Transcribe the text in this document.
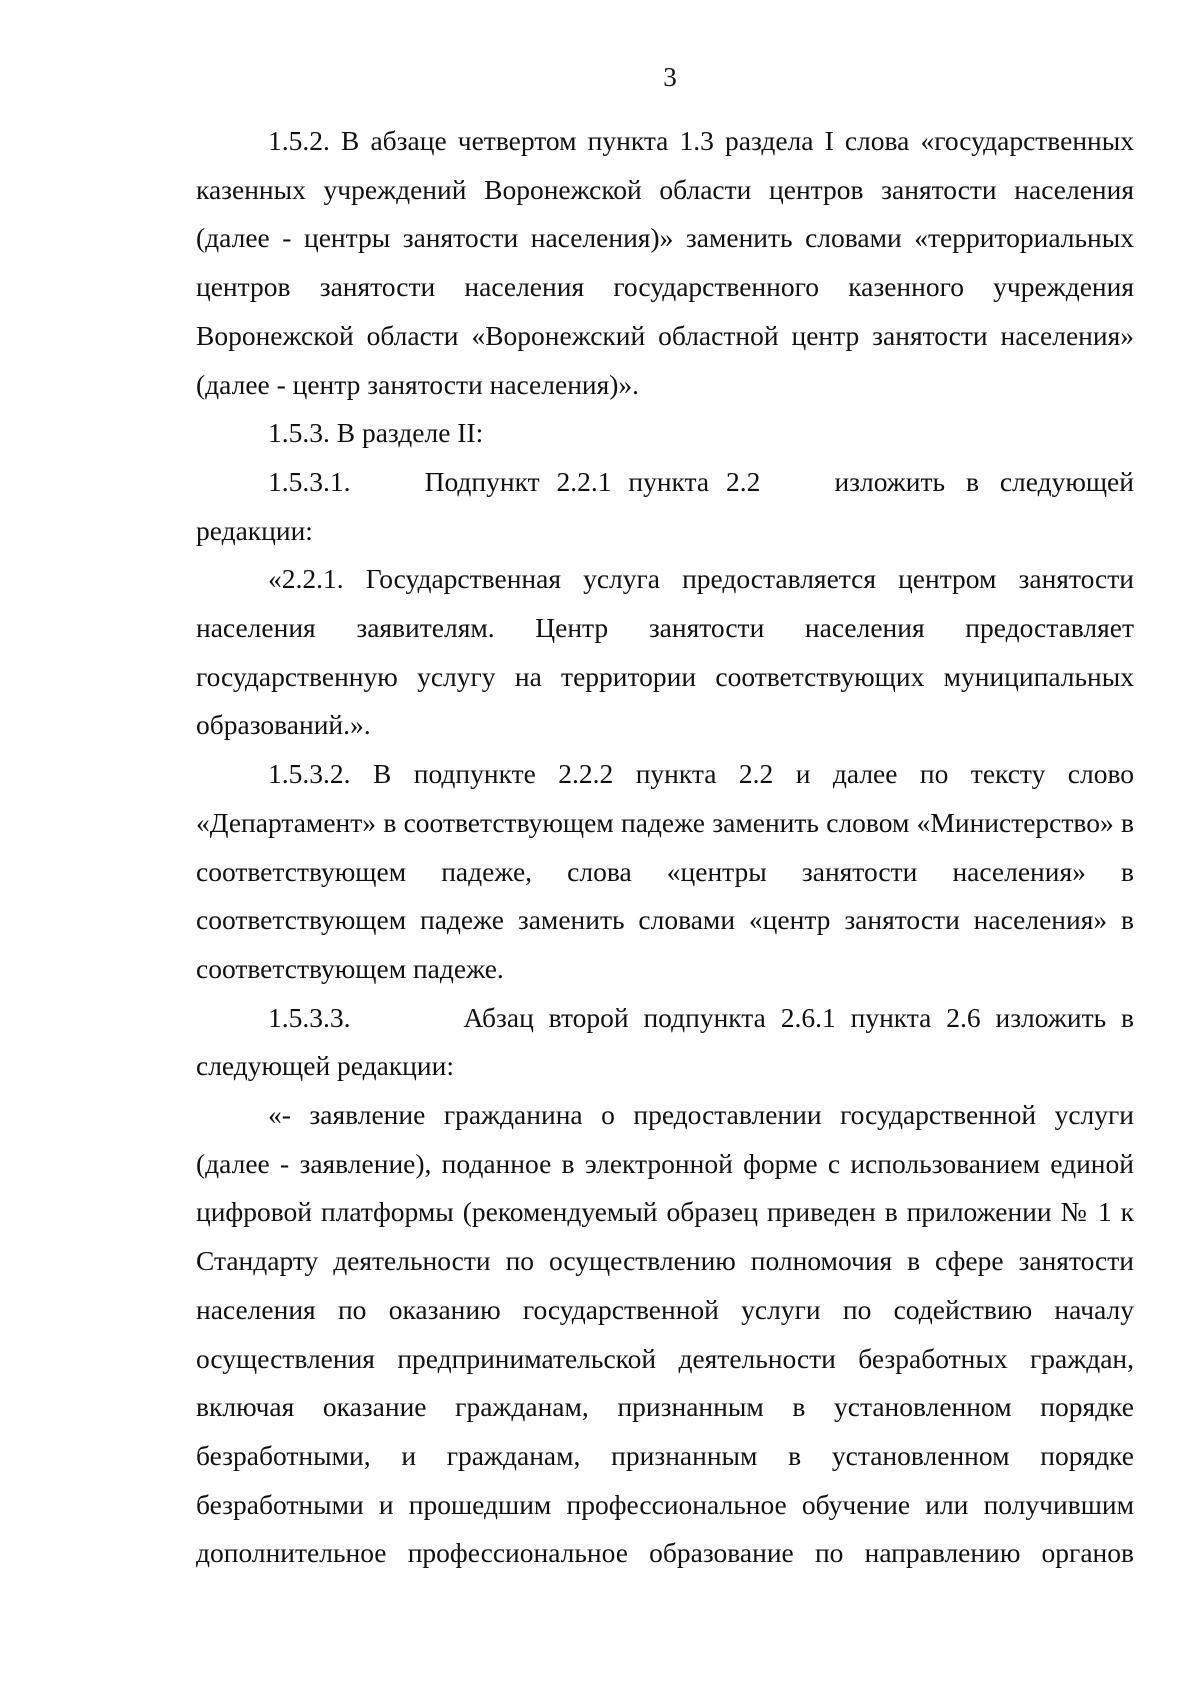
3

1.5.2. В абзаце четвертом пункта 1.3 раздела I слова «государственных казенных учреждений Воронежской области центров занятости населения (далее - центры занятости населения)» заменить словами «территориальных центров занятости населения государственного казенного учреждения Воронежской области «Воронежский областной центр занятости населения» (далее - центр занятости населения)».

1.5.3. В разделе II:

1.5.3.1.	Подпункт 2.2.1 пункта 2.2	изложить в следующей

редакции:

«2.2.1. Государственная услуга предоставляется центром занятости населения заявителям. Центр занятости населения предоставляет государственную услугу на территории соответствующих муниципальных образований.».

1.5.3.2. В подпункте 2.2.2 пункта 2.2 и далее по тексту слово «Департамент» в соответствующем падеже заменить словом «Министерство» в соответствующем падеже, слова «центры занятости населения» в соответствующем падеже заменить словами «центр занятости населения» в соответствующем падеже.

1.5.3.3.	Абзац второй подпункта 2.6.1 пункта 2.6 изложить в

следующей редакции:

«- заявление гражданина о предоставлении государственной услуги (далее - заявление), поданное в электронной форме с использованием единой цифровой платформы (рекомендуемый образец приведен в приложении № 1 к Стандарту деятельности по осуществлению полномочия в сфере занятости населения по оказанию государственной услуги по содействию началу осуществления предпринимательской деятельности безработных граждан, включая оказание гражданам, признанным в установленном порядке безработными, и гражданам, признанным в установленном порядке безработными и прошедшим профессиональное обучение или получившим дополнительное профессиональное образование по направлению органов
